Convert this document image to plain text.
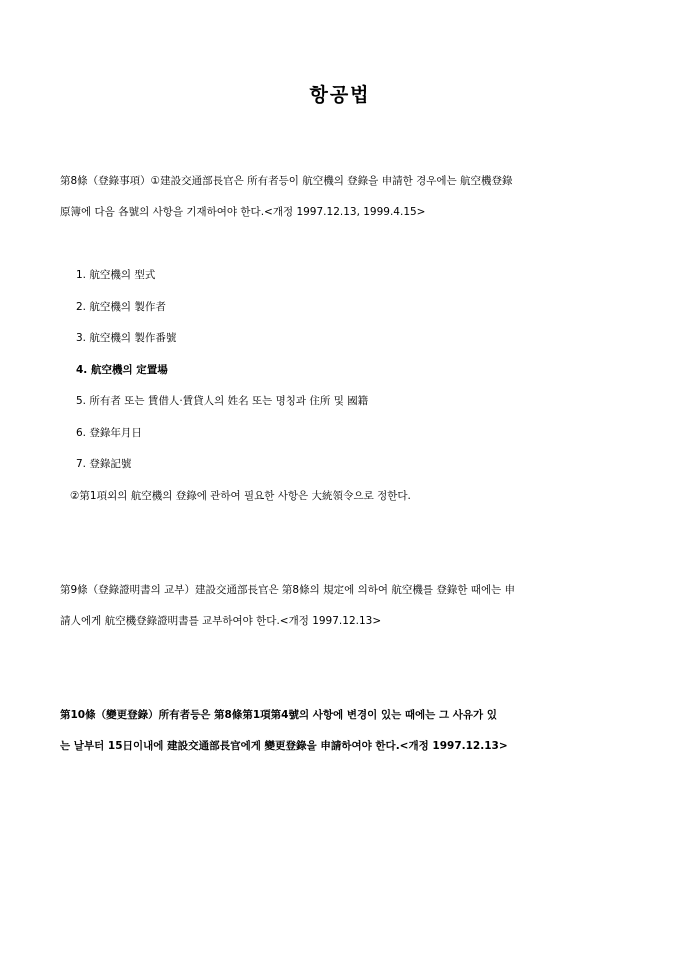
항공법

第8條（登錄事項）①建設交通部長官은 所有者등이 航空機의 登錄을 申請한 경우에는 航空機登錄

原簿에 다음 各號의 사항을 기재하여야 한다.<개정 1997.12.13, 1999.4.15>

1. 航空機의 型式
2. 航空機의 製作者
3. 航空機의 製作番號
4. 航空機의 定置場
5. 所有者 또는 賃借人·賃貸人의 姓名 또는 명칭과 住所 및 國籍
6. 登錄年月日
7. 登錄記號
②第1項외의 航空機의 登錄에 관하여 필요한 사항은 大統領令으로 정한다.

第9條（登錄證明書의 교부）建設交通部長官은 第8條의 規定에 의하여 航空機를 登錄한 때에는 申

請人에게 航空機登錄證明書를 교부하여야 한다.<개정 1997.12.13>

第10條（變更登錄）所有者등은 第8條第1項第4號의 사항에 변경이 있는 때에는 그 사유가 있

는 날부터 15日이내에 建設交通部長官에게 變更登錄을 申請하여야 한다.<개정 1997.12.13>
